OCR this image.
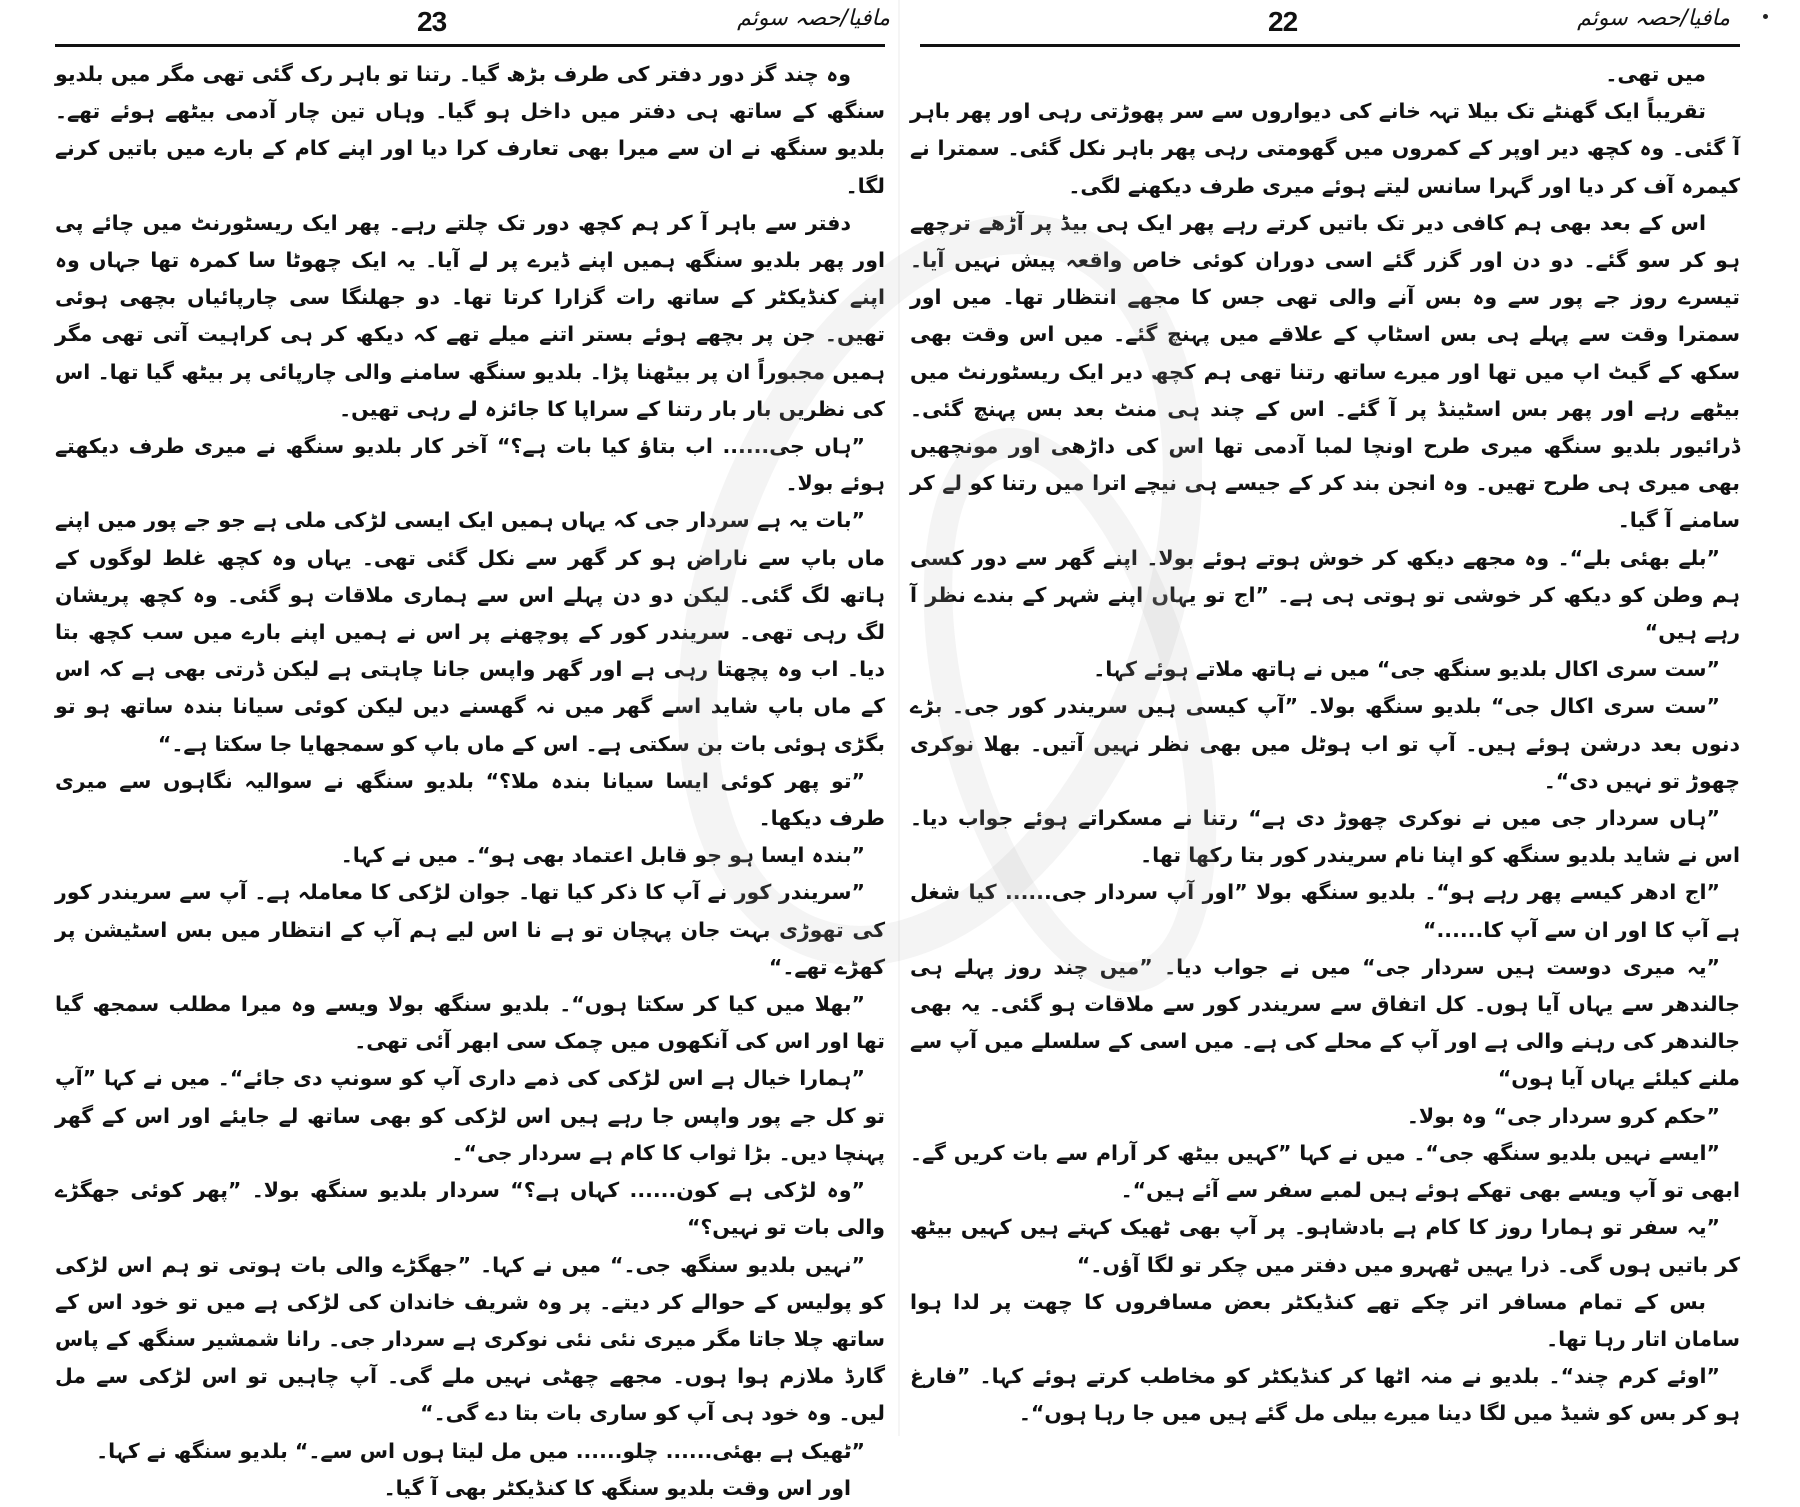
23	مافیا/حصہ سوئم

وہ چند گز دور دفتر کی طرف بڑھ گیا۔ رتنا تو باہر رک گئی تھی مگر میں بلدیو سنگھ کے ساتھ ہی دفتر میں داخل ہو گیا۔ وہاں تین چار آدمی بیٹھے ہوئے تھے۔ بلدیو سنگھ نے ان سے میرا بھی تعارف کرا دیا اور اپنے کام کے بارے میں باتیں کرنے لگا۔

دفتر سے باہر آ کر ہم کچھ دور تک چلتے رہے۔ پھر ایک ریسٹورنٹ میں چائے پی اور پھر بلدیو سنگھ ہمیں اپنے ڈیرے پر لے آیا۔ یہ ایک چھوٹا سا کمرہ تھا جہاں وہ اپنے کنڈیکٹر کے ساتھ رات گزارا کرتا تھا۔ دو جھلنگا سی چارپائیاں بچھی ہوئی تھیں۔ جن پر بچھے ہوئے بستر اتنے میلے تھے کہ دیکھ کر ہی کراہیت آتی تھی مگر ہمیں مجبوراً ان پر بیٹھنا پڑا۔ بلدیو سنگھ سامنے والی چارپائی پر بیٹھ گیا تھا۔ اس کی نظریں بار بار رتنا کے سراپا کا جائزہ لے رہی تھیں۔

”ہاں جی...... اب بتاؤ کیا بات ہے؟“ آخر کار بلدیو سنگھ نے میری طرف دیکھتے ہوئے بولا۔

”بات یہ ہے سردار جی کہ یہاں ہمیں ایک ایسی لڑکی ملی ہے جو جے پور میں اپنے ماں باپ سے ناراض ہو کر گھر سے نکل گئی تھی۔ یہاں وہ کچھ غلط لوگوں کے ہاتھ لگ گئی۔ لیکن دو دن پہلے اس سے ہماری ملاقات ہو گئی۔ وہ کچھ پریشان لگ رہی تھی۔ سریندر کور کے پوچھنے پر اس نے ہمیں اپنے بارے میں سب کچھ بتا دیا۔ اب وہ پچھتا رہی ہے اور گھر واپس جانا چاہتی ہے لیکن ڈرتی بھی ہے کہ اس کے ماں باپ شاید اسے گھر میں نہ گھسنے دیں لیکن کوئی سیانا بندہ ساتھ ہو تو بگڑی ہوئی بات بن سکتی ہے۔ اس کے ماں باپ کو سمجھایا جا سکتا ہے۔“

”تو پھر کوئی ایسا سیانا بندہ ملا؟“ بلدیو سنگھ نے سوالیہ نگاہوں سے میری طرف دیکھا۔

”بندہ ایسا ہو جو قابل اعتماد بھی ہو“۔ میں نے کہا۔

”سریندر کور نے آپ کا ذکر کیا تھا۔ جوان لڑکی کا معاملہ ہے۔ آپ سے سریندر کور کی تھوڑی بہت جان پہچان تو ہے نا اس لیے ہم آپ کے انتظار میں بس اسٹیشن پر کھڑے تھے۔“

”بھلا میں کیا کر سکتا ہوں“۔ بلدیو سنگھ بولا ویسے وہ میرا مطلب سمجھ گیا تھا اور اس کی آنکھوں میں چمک سی ابھر آئی تھی۔

”ہمارا خیال ہے اس لڑکی کی ذمے داری آپ کو سونپ دی جائے“۔ میں نے کہا ”آپ تو کل جے پور واپس جا رہے ہیں اس لڑکی کو بھی ساتھ لے جایئے اور اس کے گھر پہنچا دیں۔ بڑا ثواب کا کام ہے سردار جی“۔

”وہ لڑکی ہے کون...... کہاں ہے؟“ سردار بلدیو سنگھ بولا۔ ”پھر کوئی جھگڑے والی بات تو نہیں؟“

”نہیں بلدیو سنگھ جی۔“ میں نے کہا۔ ”جھگڑے والی بات ہوتی تو ہم اس لڑکی کو پولیس کے حوالے کر دیتے۔ پر وہ شریف خاندان کی لڑکی ہے میں تو خود اس کے ساتھ چلا جاتا مگر میری نئی نئی نوکری ہے سردار جی۔ رانا شمشیر سنگھ کے پاس گارڈ ملازم ہوا ہوں۔ مجھے چھٹی نہیں ملے گی۔ آپ چاہیں تو اس لڑکی سے مل لیں۔ وہ خود ہی آپ کو ساری بات بتا دے گی۔“

”ٹھیک ہے بھئی...... چلو...... میں مل لیتا ہوں اس سے۔“ بلدیو سنگھ نے کہا۔

اور اس وقت بلدیو سنگھ کا کنڈیکٹر بھی آ گیا۔

22	مافیا/حصہ سوئم

میں تھی۔

تقریباً ایک گھنٹے تک بیلا تہہ خانے کی دیواروں سے سر پھوڑتی رہی اور پھر باہر آ گئی۔ وہ کچھ دیر اوپر کے کمروں میں گھومتی رہی پھر باہر نکل گئی۔ سمترا نے کیمرہ آف کر دیا اور گہرا سانس لیتے ہوئے میری طرف دیکھنے لگی۔

اس کے بعد بھی ہم کافی دیر تک باتیں کرتے رہے پھر ایک ہی بیڈ پر آڑھے ترچھے ہو کر سو گئے۔ دو دن اور گزر گئے اسی دوران کوئی خاص واقعہ پیش نہیں آیا۔ تیسرے روز جے پور سے وہ بس آنے والی تھی جس کا مجھے انتظار تھا۔ میں اور سمترا وقت سے پہلے ہی بس اسٹاپ کے علاقے میں پہنچ گئے۔ میں اس وقت بھی سکھ کے گیٹ اپ میں تھا اور میرے ساتھ رتنا تھی ہم کچھ دیر ایک ریسٹورنٹ میں بیٹھے رہے اور پھر بس اسٹینڈ پر آ گئے۔ اس کے چند ہی منٹ بعد بس پہنچ گئی۔ ڈرائیور بلدیو سنگھ میری طرح اونچا لمبا آدمی تھا اس کی داڑھی اور مونچھیں بھی میری ہی طرح تھیں۔ وہ انجن بند کر کے جیسے ہی نیچے اترا میں رتنا کو لے کر سامنے آ گیا۔

”بلے بھئی بلے“۔ وہ مجھے دیکھ کر خوش ہوتے ہوئے بولا۔ اپنے گھر سے دور کسی ہم وطن کو دیکھ کر خوشی تو ہوتی ہی ہے۔ ”اج تو یہاں اپنے شہر کے بندے نظر آ رہے ہیں“

”ست سری اکال بلدیو سنگھ جی“ میں نے ہاتھ ملاتے ہوئے کہا۔

”ست سری اکال جی“ بلدیو سنگھ بولا۔ ”آپ کیسی ہیں سریندر کور جی۔ بڑے دنوں بعد درشن ہوئے ہیں۔ آپ تو اب ہوٹل میں بھی نظر نہیں آتیں۔ بھلا نوکری چھوڑ تو نہیں دی“۔

”ہاں سردار جی میں نے نوکری چھوڑ دی ہے“ رتنا نے مسکراتے ہوئے جواب دیا۔ اس نے شاید بلدیو سنگھ کو اپنا نام سریندر کور بتا رکھا تھا۔

”اج ادھر کیسے پھر رہے ہو“۔ بلدیو سنگھ بولا ”اور آپ سردار جی...... کیا شغل ہے آپ کا اور ان سے آپ کا......“

”یہ میری دوست ہیں سردار جی“ میں نے جواب دیا۔ ”میں چند روز پہلے ہی جالندھر سے یہاں آیا ہوں۔ کل اتفاق سے سریندر کور سے ملاقات ہو گئی۔ یہ بھی جالندھر کی رہنے والی ہے اور آپ کے محلے کی ہے۔ میں اسی کے سلسلے میں آپ سے ملنے کیلئے یہاں آیا ہوں“

”حکم کرو سردار جی“ وہ بولا۔

”ایسے نہیں بلدیو سنگھ جی“۔ میں نے کہا ”کہیں بیٹھ کر آرام سے بات کریں گے۔ ابھی تو آپ ویسے بھی تھکے ہوئے ہیں لمبے سفر سے آئے ہیں“۔

”یہ سفر تو ہمارا روز کا کام ہے بادشاہو۔ پر آپ بھی ٹھیک کہتے ہیں کہیں بیٹھ کر باتیں ہوں گی۔ ذرا یہیں ٹھہرو میں دفتر میں چکر تو لگا آؤں۔“

بس کے تمام مسافر اتر چکے تھے کنڈیکٹر بعض مسافروں کا چھت پر لدا ہوا سامان اتار رہا تھا۔

”اوئے کرم چند“۔ بلدیو نے منہ اٹھا کر کنڈیکٹر کو مخاطب کرتے ہوئے کہا۔ ”فارغ ہو کر بس کو شیڈ میں لگا دینا میرے بیلی مل گئے ہیں میں جا رہا ہوں“۔
